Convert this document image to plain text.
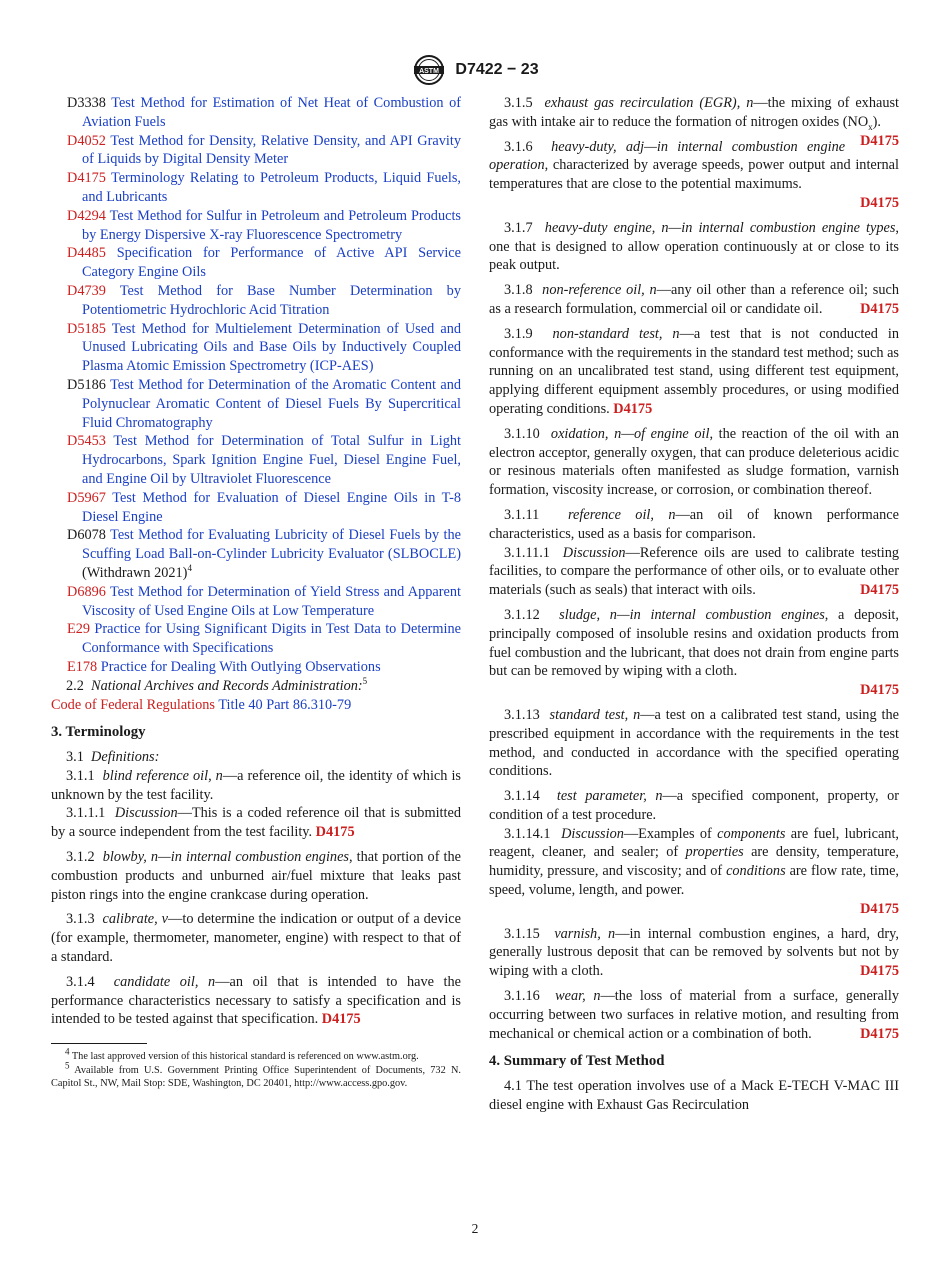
ASTM D7422 − 23
D3338 Test Method for Estimation of Net Heat of Combustion of Aviation Fuels
D4052 Test Method for Density, Relative Density, and API Gravity of Liquids by Digital Density Meter
D4175 Terminology Relating to Petroleum Products, Liquid Fuels, and Lubricants
D4294 Test Method for Sulfur in Petroleum and Petroleum Products by Energy Dispersive X-ray Fluorescence Spectrometry
D4485 Specification for Performance of Active API Service Category Engine Oils
D4739 Test Method for Base Number Determination by Potentiometric Hydrochloric Acid Titration
D5185 Test Method for Multielement Determination of Used and Unused Lubricating Oils and Base Oils by Inductively Coupled Plasma Atomic Emission Spectrometry (ICP-AES)
D5186 Test Method for Determination of the Aromatic Content and Polynuclear Aromatic Content of Diesel Fuels By Supercritical Fluid Chromatography
D5453 Test Method for Determination of Total Sulfur in Light Hydrocarbons, Spark Ignition Engine Fuel, Diesel Engine Fuel, and Engine Oil by Ultraviolet Fluorescence
D5967 Test Method for Evaluation of Diesel Engine Oils in T-8 Diesel Engine
D6078 Test Method for Evaluating Lubricity of Diesel Fuels by the Scuffing Load Ball-on-Cylinder Lubricity Evaluator (SLBOCLE) (Withdrawn 2021)$^4$
D6896 Test Method for Determination of Yield Stress and Apparent Viscosity of Used Engine Oils at Low Temperature
E29 Practice for Using Significant Digits in Test Data to Determine Conformance with Specifications
E178 Practice for Dealing With Outlying Observations
2.2 National Archives and Records Administration:$^5$
Code of Federal Regulations Title 40 Part 86.310-79
3. Terminology
3.1 Definitions:
3.1.1 blind reference oil, n—a reference oil, the identity of which is unknown by the test facility.
3.1.1.1 Discussion—This is a coded reference oil that is submitted by a source independent from the test facility. D4175
3.1.2 blowby, n—in internal combustion engines, that portion of the combustion products and unburned air/fuel mixture that leaks past piston rings into the engine crankcase during operation.
3.1.3 calibrate, v—to determine the indication or output of a device (for example, thermometer, manometer, engine) with respect to that of a standard.
3.1.4 candidate oil, n—an oil that is intended to have the performance characteristics necessary to satisfy a specification and is intended to be tested against that specification. D4175
$^4$ The last approved version of this historical standard is referenced on www.astm.org.
$^5$ Available from U.S. Government Printing Office Superintendent of Documents, 732 N. Capitol St., NW, Mail Stop: SDE, Washington, DC 20401, http://www.access.gpo.gov.
3.1.5 exhaust gas recirculation (EGR), n—the mixing of exhaust gas with intake air to reduce the formation of nitrogen oxides $(NO_x)$.
D4175
3.1.6 heavy-duty, adj—in internal combustion engine operation, characterized by average speeds, power output and internal temperatures that are close to the potential maximums.
D4175
3.1.7 heavy-duty engine, n—in internal combustion engine types, one that is designed to allow operation continuously at or close to its peak output.
3.1.8 non-reference oil, n—any oil other than a reference oil; such as a research formulation, commercial oil or candidate oil.	D4175
3.1.9 non-standard test, n—a test that is not conducted in conformance with the requirements in the standard test method; such as running on an uncalibrated test stand, using different test equipment, applying different equipment assembly procedures, or using modified operating conditions. D4175
3.1.10 oxidation, n—of engine oil, the reaction of the oil with an electron acceptor, generally oxygen, that can produce deleterious acidic or resinous materials often manifested as sludge formation, varnish formation, viscosity increase, or corrosion, or combination thereof.
3.1.11 reference oil, n—an oil of known performance characteristics, used as a basis for comparison.
3.1.11.1 Discussion—Reference oils are used to calibrate testing facilities, to compare the performance of other oils, or to evaluate other materials (such as seals) that interact with oils.	D4175
3.1.12 sludge, n—in internal combustion engines, a deposit, principally composed of insoluble resins and oxidation products from fuel combustion and the lubricant, that does not drain from engine parts but can be removed by wiping with a cloth.
D4175
3.1.13 standard test, n—a test on a calibrated test stand, using the prescribed equipment in accordance with the requirements in the test method, and conducted in accordance with the specified operating conditions.
3.1.14 test parameter, n—a specified component, property, or condition of a test procedure.
3.1.14.1 Discussion—Examples of components are fuel, lubricant, reagent, cleaner, and sealer; of properties are density, temperature, humidity, pressure, and viscosity; and of conditions are flow rate, time, speed, volume, length, and power.
D4175
3.1.15 varnish, n—in internal combustion engines, a hard, dry, generally lustrous deposit that can be removed by solvents but not by wiping with a cloth.	D4175
3.1.16 wear, n—the loss of material from a surface, generally occurring between two surfaces in relative motion, and resulting from mechanical or chemical action or a combination of both.	D4175
4. Summary of Test Method
4.1 The test operation involves use of a Mack E-TECH V-MAC III diesel engine with Exhaust Gas Recirculation
2
